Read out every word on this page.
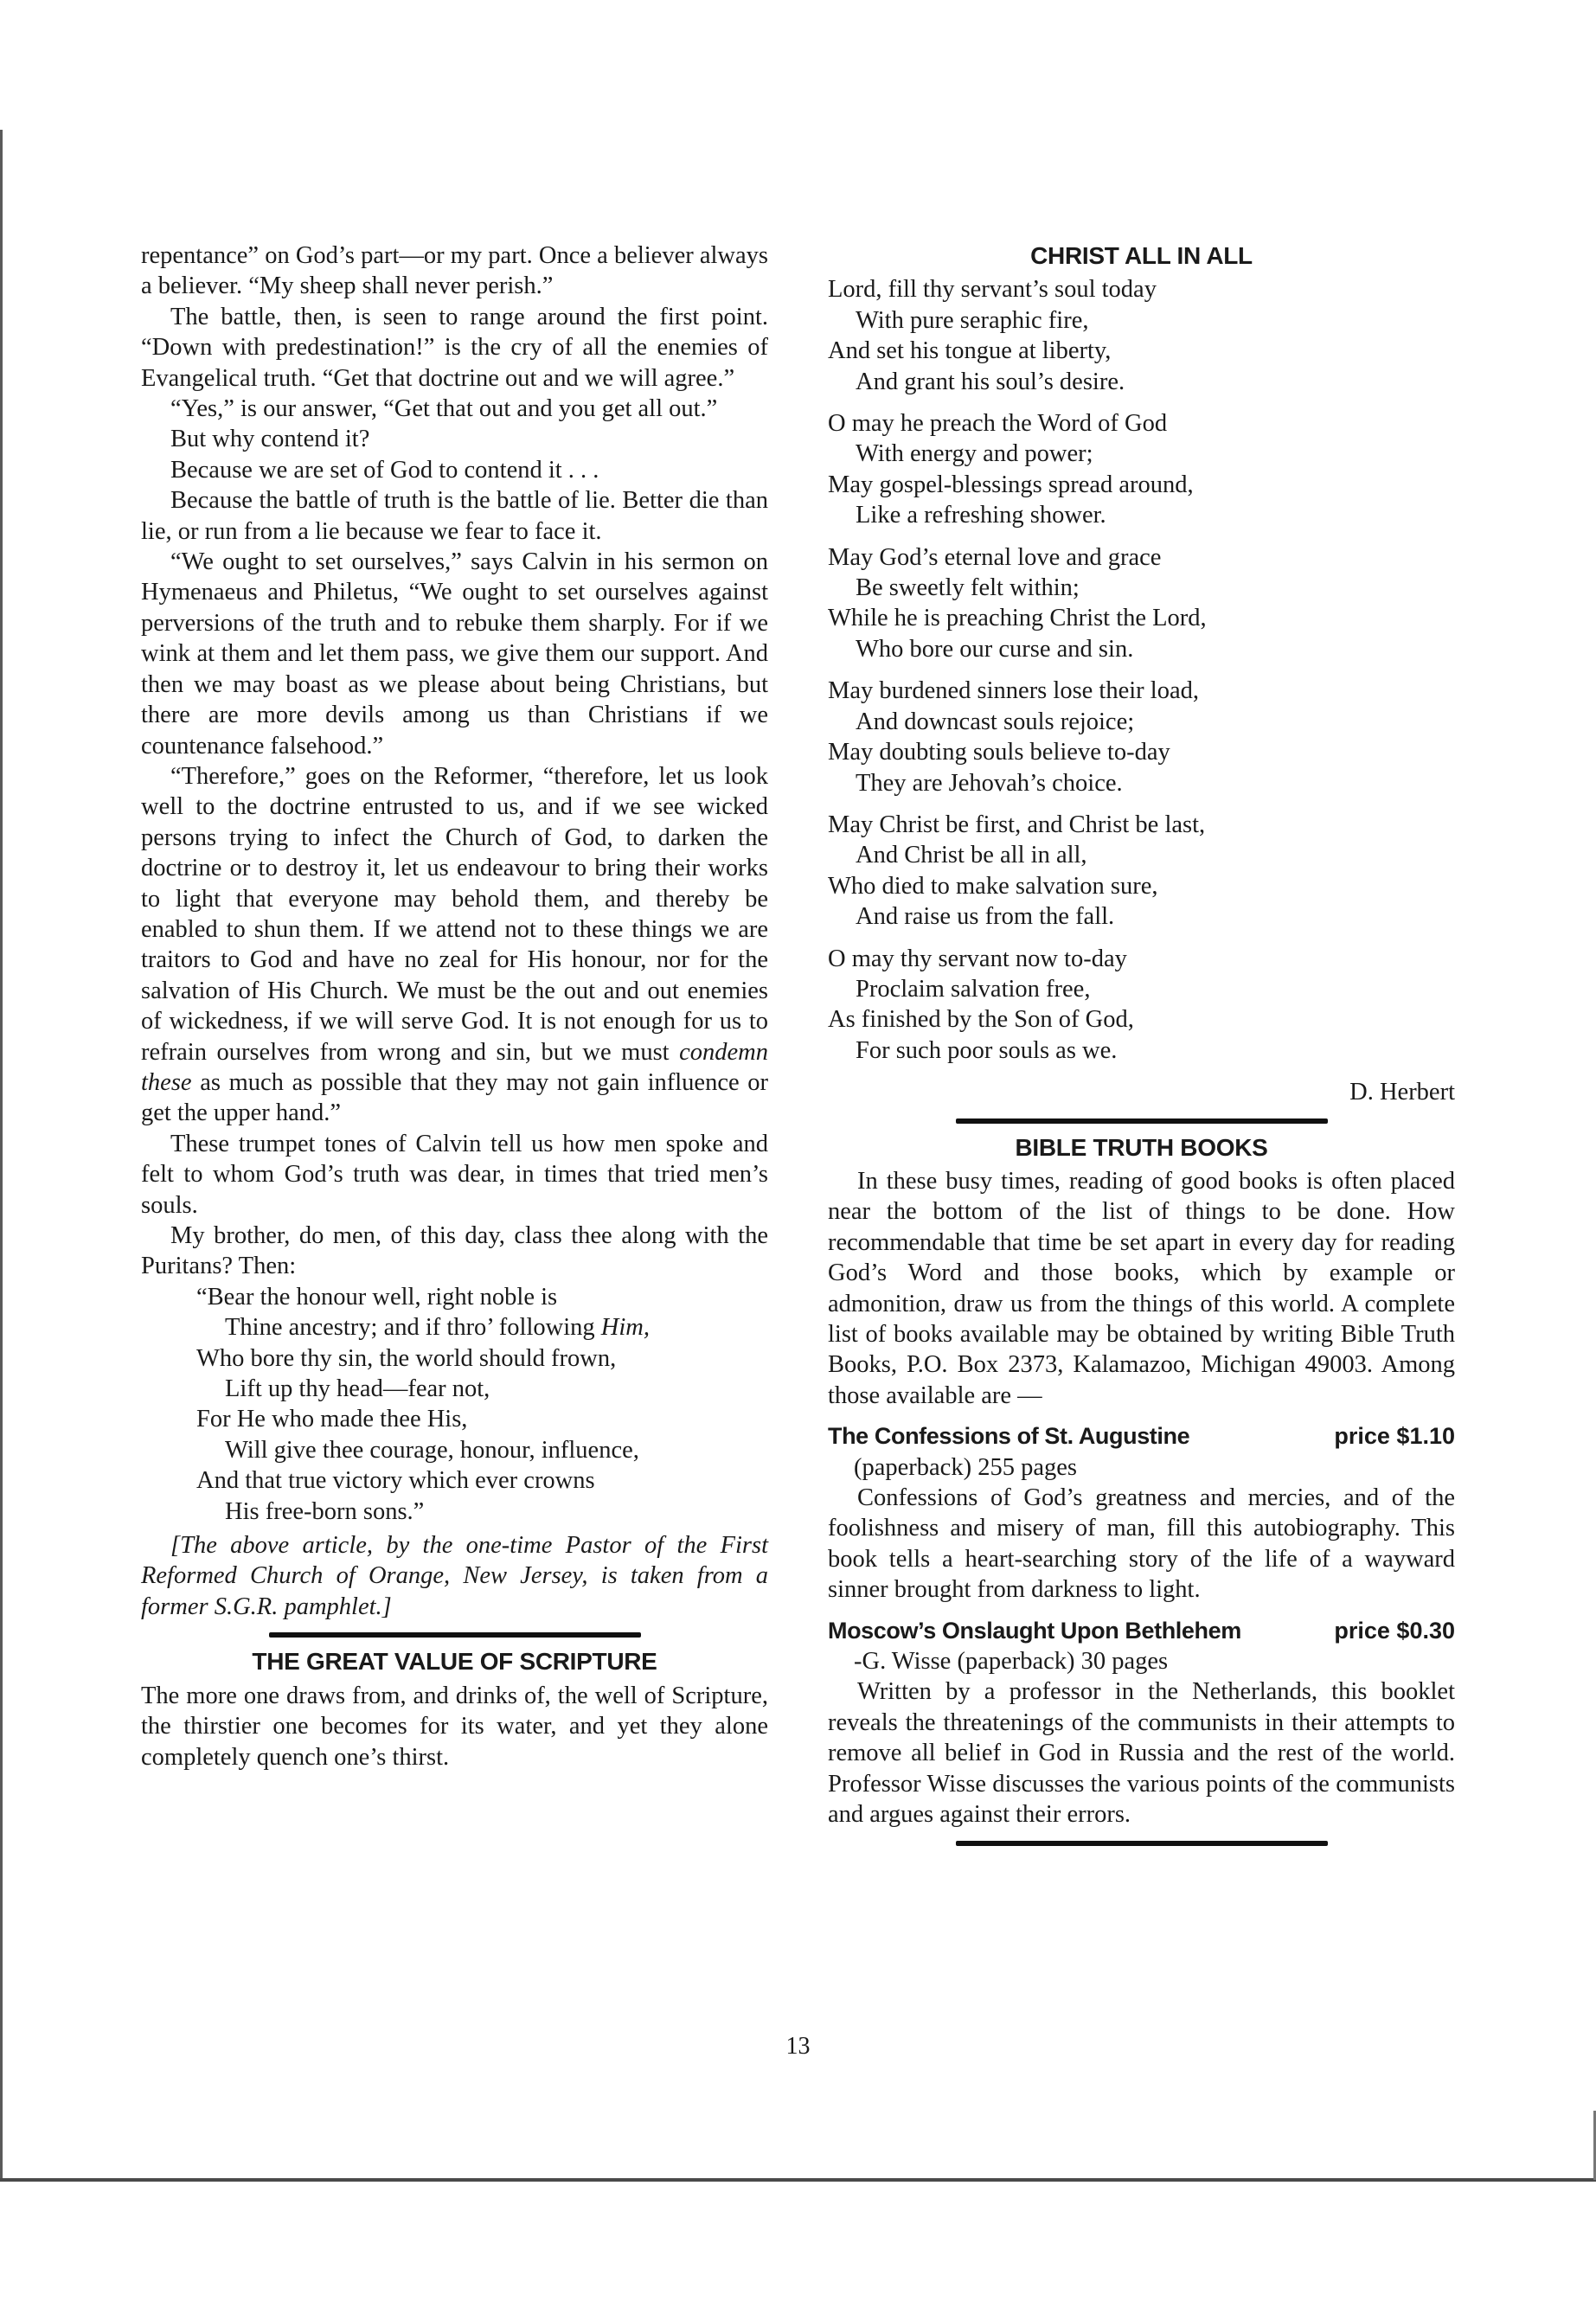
repentance” on God’s part—or my part. Once a believer always a believer. “My sheep shall never perish.”

The battle, then, is seen to range around the first point. “Down with predestination!” is the cry of all the enemies of Evangelical truth. “Get that doctrine out and we will agree.”

“Yes,” is our answer, “Get that out and you get all out.”

But why contend it?

Because we are set of God to contend it . . .

Because the battle of truth is the battle of lie. Better die than lie, or run from a lie because we fear to face it.

“We ought to set ourselves,” says Calvin in his sermon on Hymenaeus and Philetus, “We ought to set ourselves against perversions of the truth and to rebuke them sharply. For if we wink at them and let them pass, we give them our support. And then we may boast as we please about being Christians, but there are more devils among us than Christians if we countenance falsehood.”

“Therefore,” goes on the Reformer, “therefore, let us look well to the doctrine entrusted to us, and if we see wicked persons trying to infect the Church of God, to darken the doctrine or to destroy it, let us endeavour to bring their works to light that everyone may behold them, and thereby be enabled to shun them. If we attend not to these things we are traitors to God and have no zeal for His honour, nor for the salvation of His Church. We must be the out and out enemies of wickedness, if we will serve God. It is not enough for us to refrain ourselves from wrong and sin, but we must condemn these as much as possible that they may not gain influence or get the upper hand.”

These trumpet tones of Calvin tell us how men spoke and felt to whom God’s truth was dear, in times that tried men’s souls.

My brother, do men, of this day, class thee along with the Puritans? Then:

“Bear the honour well, right noble is
Thine ancestry; and if thro’ following Him,
Who bore thy sin, the world should frown,
Lift up thy head—fear not,
For He who made thee His,
Will give thee courage, honour, influence,
And that true victory which ever crowns
His free-born sons.”

[The above article, by the one-time Pastor of the First Reformed Church of Orange, New Jersey, is taken from a former S.G.R. pamphlet.]

THE GREAT VALUE OF SCRIPTURE

The more one draws from, and drinks of, the well of Scripture, the thirstier one becomes for its water, and yet they alone completely quench one’s thirst.

CHRIST ALL IN ALL
Lord, fill thy servant’s soul today
With pure seraphic fire,
And set his tongue at liberty,
And grant his soul’s desire.
O may he preach the Word of God
With energy and power;
May gospel-blessings spread around,
Like a refreshing shower.
May God’s eternal love and grace
Be sweetly felt within;
While he is preaching Christ the Lord,
Who bore our curse and sin.
May burdened sinners lose their load,
And downcast souls rejoice;
May doubting souls believe to-day
They are Jehovah’s choice.
May Christ be first, and Christ be last,
And Christ be all in all,
Who died to make salvation sure,
And raise us from the fall.
O may thy servant now to-day
Proclaim salvation free,
As finished by the Son of God,
For such poor souls as we.
D. Herbert
BIBLE TRUTH BOOKS

In these busy times, reading of good books is often placed near the bottom of the list of things to be done. How recommendable that time be set apart in every day for reading God’s Word and those books, which by example or admonition, draw us from the things of this world. A complete list of books available may be obtained by writing Bible Truth Books, P.O. Box 2373, Kalamazoo, Michigan 49003. Among those available are —

The Confessions of St. Augustine	price $1.10
(paperback) 255 pages

Confessions of God’s greatness and mercies, and of the foolishness and misery of man, fill this autobiography. This book tells a heart-searching story of the life of a wayward sinner brought from darkness to light.

Moscow’s Onslaught Upon Bethlehem	price $0.30
-G. Wisse (paperback) 30 pages

Written by a professor in the Netherlands, this booklet reveals the threatenings of the communists in their attempts to remove all belief in God in Russia and the rest of the world. Professor Wisse discusses the various points of the communists and argues against their errors.

13
